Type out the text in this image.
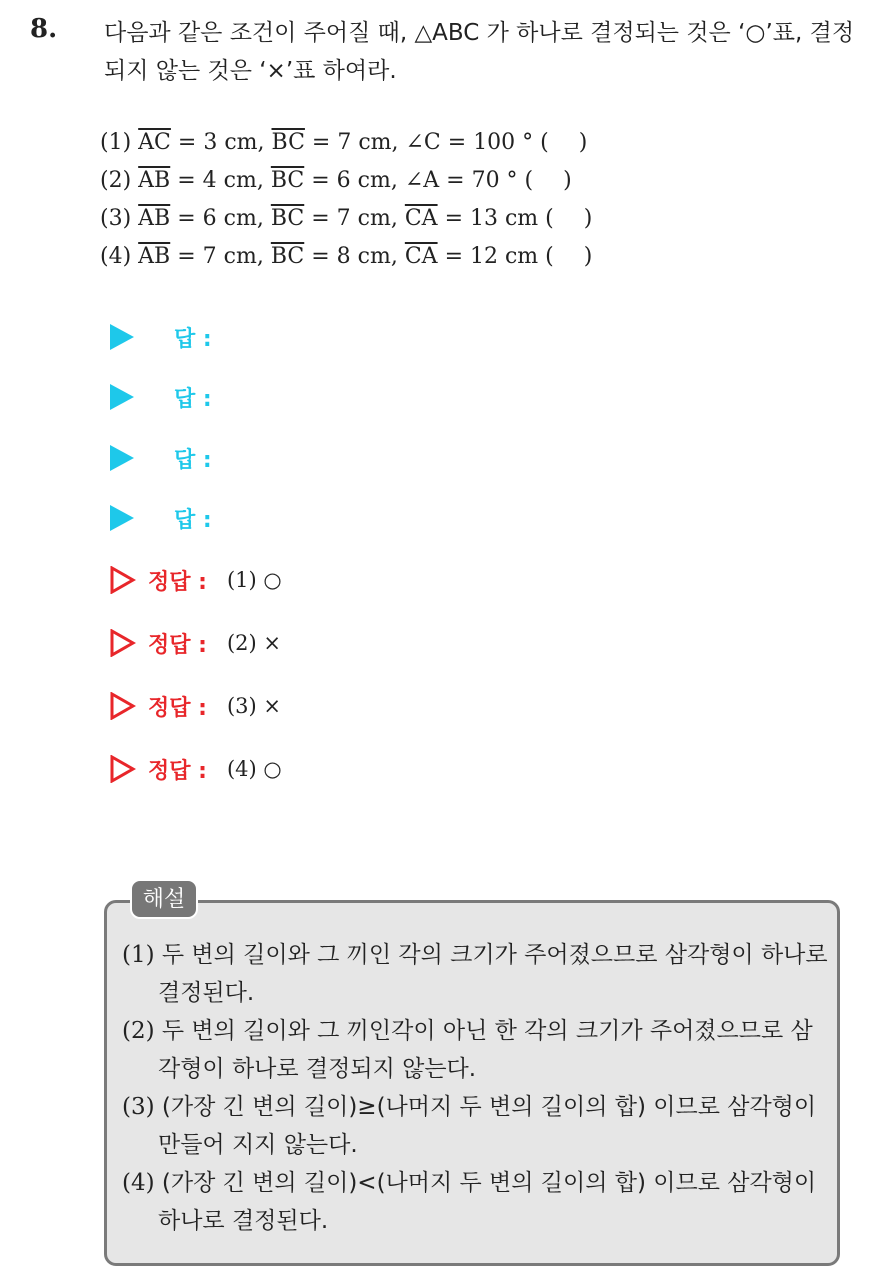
8. 다음과 같은 조건이 주어질 때, △ABC 가 하나로 결정되는 것은 ‘○’표, 결정되지 않는 것은 ‘×’표 하여라.
(1) $\overline{AC} = 3$ cm, $\overline{BC} = 7$ cm, ∠C = 100 ° ( )
(2) $\overline{AB} = 4$ cm, $\overline{BC} = 6$ cm, ∠A = 70 ° ( )
(3) $\overline{AB} = 6$ cm, $\overline{BC} = 7$ cm, $\overline{CA} = 13$ cm ( )
(4) $\overline{AB} = 7$ cm, $\overline{BC} = 8$ cm, $\overline{CA} = 12$ cm ( )
답 :
답 :
답 :
답 :
정답 : (1) ○
정답 : (2) ×
정답 : (3) ×
정답 : (4) ○
해설
(1) 두 변의 길이와 그 끼인 각의 크기가 주어졌으므로 삼각형이 하나로 결정된다.
(2) 두 변의 길이와 그 끼인각이 아닌 한 각의 크기가 주어졌으므로 삼각형이 하나로 결정되지 않는다.
(3) (가장 긴 변의 길이)≥(나머지 두 변의 길이의 합) 이므로 삼각형이 만들어 지지 않는다.
(4) (가장 긴 변의 길이)<(나머지 두 변의 길이의 합) 이므로 삼각형이 하나로 결정된다.
